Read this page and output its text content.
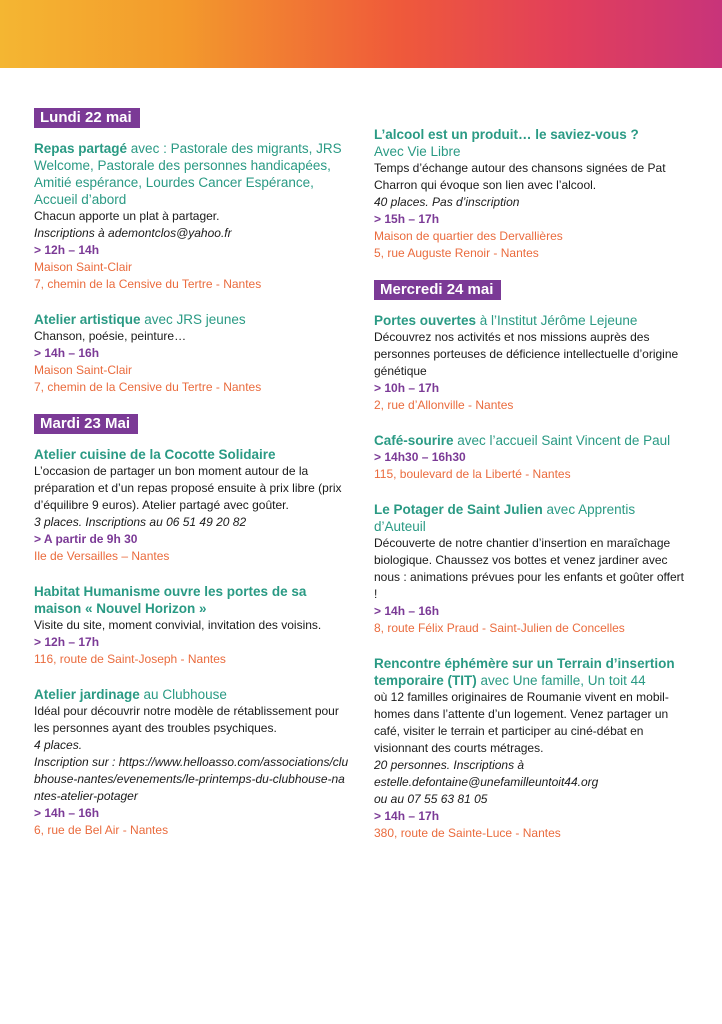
Lundi 22 mai

Repas partagé avec : Pastorale des migrants, JRS Welcome, Pastorale des personnes handicapées, Amitié espérance, Lourdes Cancer Espérance, Accueil d’abord

Chacun apporte un plat à partager.

Inscriptions à ademontclos@yahoo.fr

> 12h – 14h

Maison Saint-Clair

7, chemin de la Censive du Tertre - Nantes

Atelier artistique avec JRS jeunes

Chanson, poésie, peinture…

> 14h – 16h

Maison Saint-Clair

7, chemin de la Censive du Tertre - Nantes

Mardi 23 Mai

Atelier cuisine de la Cocotte Solidaire

L’occasion de partager un bon moment autour de la préparation et d’un repas proposé ensuite à prix libre (prix d’équilibre 9 euros). Atelier partagé avec goûter.

3 places. Inscriptions au 06 51 49 20 82

> A partir de 9h 30

Ile de Versailles – Nantes

Habitat Humanisme ouvre les portes de sa maison « Nouvel Horizon »

Visite du site, moment convivial, invitation des voisins.

> 12h – 17h

116, route de Saint-Joseph - Nantes

Atelier jardinage au Clubhouse

Idéal pour découvrir notre modèle de rétablissement pour les personnes ayant des troubles psychiques.

4 places.

Inscription sur : https://www.helloasso.com/associations/clubhouse-nantes/evenements/le-printemps-du-clubhouse-nantes-atelier-potager

> 14h – 16h

6, rue de Bel Air - Nantes

L’alcool est un produit… le saviez-vous ?

Avec Vie Libre

Temps d’échange autour des chansons signées de Pat Charron qui évoque son lien avec l’alcool.

40 places. Pas d’inscription

> 15h – 17h

Maison de quartier des Dervallières

5, rue Auguste Renoir - Nantes

Mercredi 24 mai

Portes ouvertes à l’Institut Jérôme Lejeune

Découvrez nos activités et nos missions auprès des personnes porteuses de déficience intellectuelle d’origine génétique

> 10h – 17h

2, rue d’Allonville - Nantes

Café-sourire avec l’accueil Saint Vincent de Paul

> 14h30 – 16h30

115, boulevard de la Liberté - Nantes

Le Potager de Saint Julien avec Apprentis d’Auteuil

Découverte de notre chantier d’insertion en maraîchage biologique. Chaussez vos bottes et venez jardiner avec nous : animations prévues pour les enfants et goûter offert !

> 14h – 16h

8, route Félix Praud - Saint-Julien de Concelles

Rencontre éphémère sur un Terrain d’insertion temporaire (TIT) avec Une famille, Un toit 44

où 12 familles originaires de Roumanie vivent en mobil-homes dans l’attente d’un logement. Venez partager un café, visiter le terrain et participer au ciné-débat en visionnant des courts métrages.

20 personnes. Inscriptions à

estelle.defontaine@unefamilleuntoit44.org

ou au 07 55 63 81 05

> 14h – 17h

380, route de Sainte-Luce - Nantes
